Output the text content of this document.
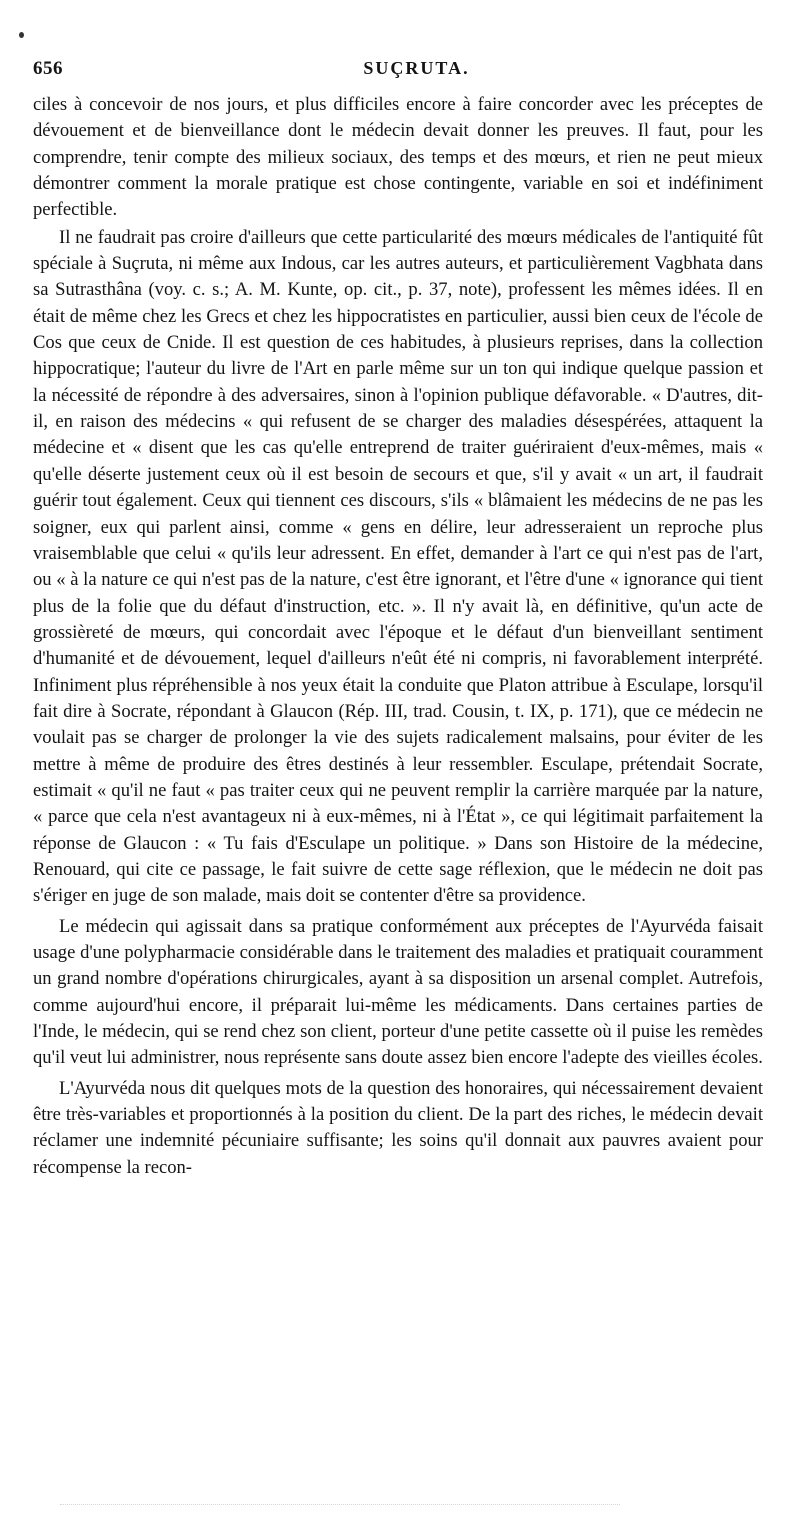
656	SUÇRUTA.

ciles à concevoir de nos jours, et plus difficiles encore à faire concorder avec les préceptes de dévouement et de bienveillance dont le médecin devait donner les preuves. Il faut, pour les comprendre, tenir compte des milieux sociaux, des temps et des mœurs, et rien ne peut mieux démontrer comment la morale pratique est chose contingente, variable en soi et indéfiniment perfectible.

Il ne faudrait pas croire d'ailleurs que cette particularité des mœurs médicales de l'antiquité fût spéciale à Suçruta, ni même aux Indous, car les autres auteurs, et particulièrement Vagbhata dans sa Sutrasthâna (voy. c. s.; A. M. Kunte, op. cit., p. 37, note), professent les mêmes idées. Il en était de même chez les Grecs et chez les hippocratistes en particulier, aussi bien ceux de l'école de Cos que ceux de Cnide. Il est question de ces habitudes, à plusieurs reprises, dans la collection hippocratique; l'auteur du livre de l'Art en parle même sur un ton qui indique quelque passion et la nécessité de répondre à des adversaires, sinon à l'opinion publique défavorable. « D'autres, dit-il, en raison des médecins « qui refusent de se charger des maladies désespérées, attaquent la médecine et « disent que les cas qu'elle entreprend de traiter guériraient d'eux-mêmes, mais « qu'elle déserte justement ceux où il est besoin de secours et que, s'il y avait « un art, il faudrait guérir tout également. Ceux qui tiennent ces discours, s'ils « blâmaient les médecins de ne pas les soigner, eux qui parlent ainsi, comme « gens en délire, leur adresseraient un reproche plus vraisemblable que celui « qu'ils leur adressent. En effet, demander à l'art ce qui n'est pas de l'art, ou « à la nature ce qui n'est pas de la nature, c'est être ignorant, et l'être d'une « ignorance qui tient plus de la folie que du défaut d'instruction, etc. ». Il n'y avait là, en définitive, qu'un acte de grossièreté de mœurs, qui concordait avec l'époque et le défaut d'un bienveillant sentiment d'humanité et de dévouement, lequel d'ailleurs n'eût été ni compris, ni favorablement interprété. Infiniment plus répréhensible à nos yeux était la conduite que Platon attribue à Esculape, lorsqu'il fait dire à Socrate, répondant à Glaucon (Rép. III, trad. Cousin, t. IX, p. 171), que ce médecin ne voulait pas se charger de prolonger la vie des sujets radicalement malsains, pour éviter de les mettre à même de produire des êtres destinés à leur ressembler. Esculape, prétendait Socrate, estimait « qu'il ne faut « pas traiter ceux qui ne peuvent remplir la carrière marquée par la nature, « parce que cela n'est avantageux ni à eux-mêmes, ni à l'État », ce qui légitimait parfaitement la réponse de Glaucon : « Tu fais d'Esculape un politique. » Dans son Histoire de la médecine, Renouard, qui cite ce passage, le fait suivre de cette sage réflexion, que le médecin ne doit pas s'ériger en juge de son malade, mais doit se contenter d'être sa providence.

Le médecin qui agissait dans sa pratique conformément aux préceptes de l'Ayurvéda faisait usage d'une polypharmacie considérable dans le traitement des maladies et pratiquait couramment un grand nombre d'opérations chirurgicales, ayant à sa disposition un arsenal complet. Autrefois, comme aujourd'hui encore, il préparait lui-même les médicaments. Dans certaines parties de l'Inde, le médecin, qui se rend chez son client, porteur d'une petite cassette où il puise les remèdes qu'il veut lui administrer, nous représente sans doute assez bien encore l'adepte des vieilles écoles.

L'Ayurvéda nous dit quelques mots de la question des honoraires, qui nécessairement devaient être très-variables et proportionnés à la position du client. De la part des riches, le médecin devait réclamer une indemnité pécuniaire suffisante; les soins qu'il donnait aux pauvres avaient pour récompense la recon-
